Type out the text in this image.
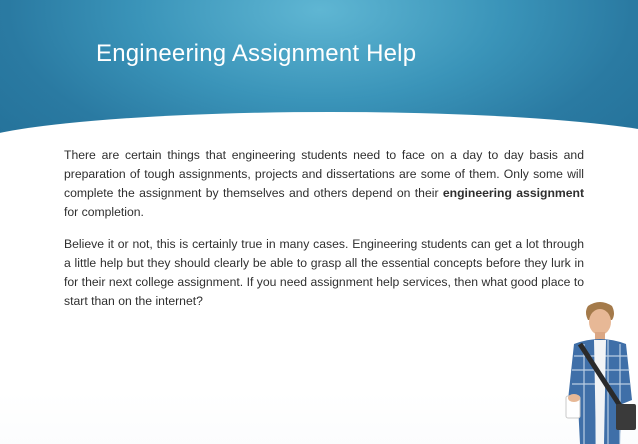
Engineering Assignment Help

There are certain things that engineering students need to face on a day to day basis and preparation of tough assignments, projects and dissertations are some of them. Only some will complete the assignment by themselves and others depend on their engineering assignment for completion.

Believe it or not, this is certainly true in many cases. Engineering students can get a lot through a little help but they should clearly be able to grasp all the essential concepts before they lurk in for their next college assignment. If you need assignment help services, then what good place to start than on the internet?
